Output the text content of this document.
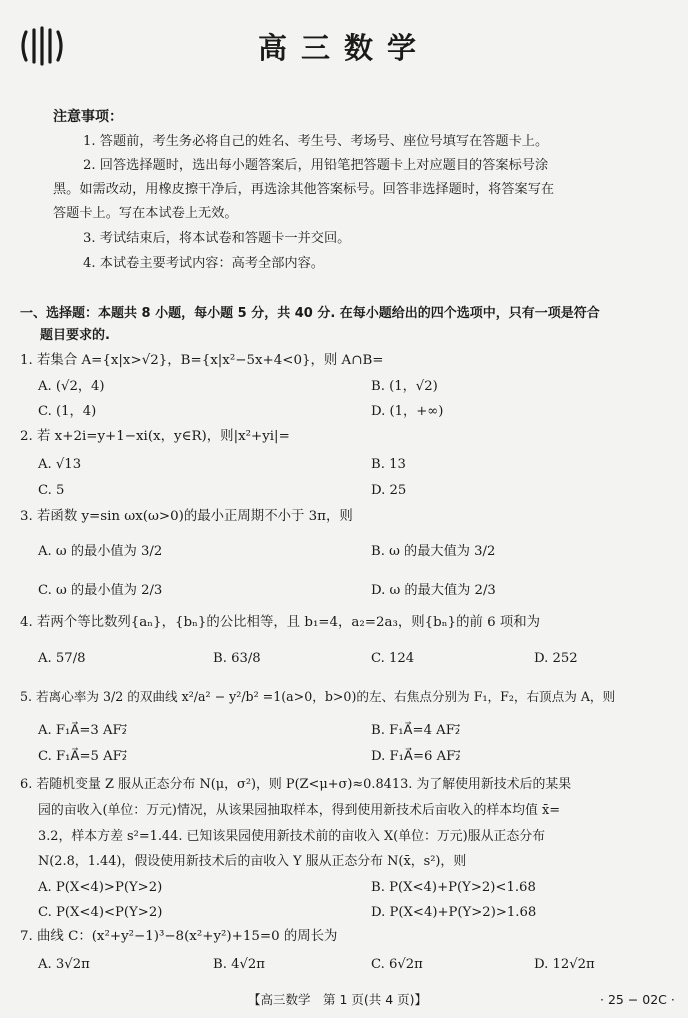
高三数学
注意事项：
1. 答题前，考生务必将自己的姓名、考生号、考场号、座位号填写在答题卡上。
2. 回答选择题时，选出每小题答案后，用铅笔把答题卡上对应题目的答案标号涂
黑。如需改动，用橡皮擦干净后，再选涂其他答案标号。回答非选择题时，将答案写在
答题卡上。写在本试卷上无效。
3. 考试结束后，将本试卷和答题卡一并交回。
4. 本试卷主要考试内容：高考全部内容。
一、选择题：本题共 8 小题，每小题 5 分，共 40 分. 在每小题给出的四个选项中，只有一项是符合
题目要求的.
1. 若集合 A={x|x>√2}，B={x|x²−5x+4<0}，则 A∩B=
A. (√2，4)	B. (1，√2)
C. (1，4)	D. (1，+∞)
2. 若 x+2i=y+1−xi(x，y∈R)，则|x²+yi|=
A. √13	B. 13
C. 5	D. 25
3. 若函数 y=sin ωx(ω>0)的最小正周期不小于 3π，则
A. ω 的最小值为 3/2	B. ω 的最大值为 3/2
C. ω 的最小值为 2/3	D. ω 的最大值为 2/3
4. 若两个等比数列{aₙ}，{bₙ}的公比相等，且 b₁=4，a₂=2a₃，则{bₙ}的前 6 项和为
A. 57/8	B. 63/8	C. 124	D. 252
5. 若离心率为 3/2 的双曲线 x²/a² − y²/b² =1(a>0，b>0)的左、右焦点分别为 F₁，F₂，右顶点为 A，则
A. F₁A⃗=3 AF₂⃗	B. F₁A⃗=4 AF₂⃗
C. F₁A⃗=5 AF₂⃗	D. F₁A⃗=6 AF₂⃗
6. 若随机变量 Z 服从正态分布 N(μ，σ²)，则 P(Z<μ+σ)≈0.8413. 为了解使用新技术后的某果
园的亩收入(单位：万元)情况，从该果园抽取样本，得到使用新技术后亩收入的样本均值 x̄=
3.2，样本方差 s²=1.44. 已知该果园使用新技术前的亩收入 X(单位：万元)服从正态分布
N(2.8，1.44)，假设使用新技术后的亩收入 Y 服从正态分布 N(x̄，s²)，则
A. P(X<4)>P(Y>2)	B. P(X<4)+P(Y>2)<1.68
C. P(X<4)<P(Y>2)	D. P(X<4)+P(Y>2)>1.68
7. 曲线 C：(x²+y²−1)³−8(x²+y²)+15=0 的周长为
A. 3√2π	B. 4√2π	C. 6√2π	D. 12√2π
【高三数学　第 1 页(共 4 页)】	· 25 − 02C ·
